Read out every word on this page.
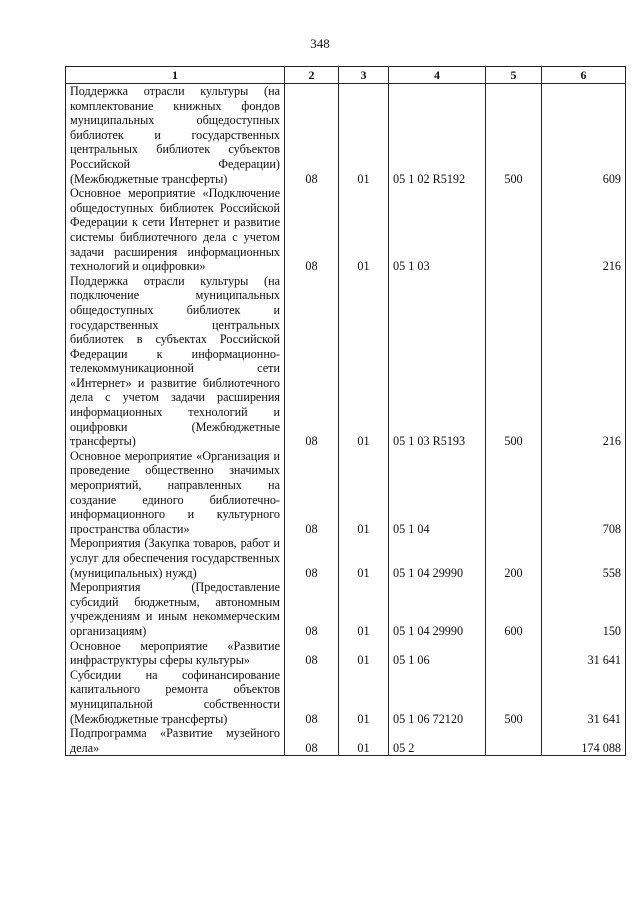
348
1	2	3	4	5	6
Поддержка отрасли культуры (на комплектование книжных фондов муниципальных общедоступных библиотек и государственных центральных библиотек субъектов Российской Федерации) (Межбюджетные трансферты)	08	01	05 1 02 R5192	500	609
Основное мероприятие «Подключение общедоступных библиотек Российской Федерации к сети Интернет и развитие системы библиотечного дела с учетом задачи расширения информационных технологий и оцифровки»	08	01	05 1 03		216
Поддержка отрасли культуры (на подключение муниципальных общедоступных библиотек и государственных центральных библиотек в субъектах Российской Федерации к информационно-телекоммуникационной сети «Интернет» и развитие библиотечного дела с учетом задачи расширения информационных технологий и оцифровки (Межбюджетные трансферты)	08	01	05 1 03 R5193	500	216
Основное мероприятие «Организация и проведение общественно значимых мероприятий, направленных на создание единого библиотечно-информационного и культурного пространства области»	08	01	05 1 04		708
Мероприятия (Закупка товаров, работ и услуг для обеспечения государственных (муниципальных) нужд)	08	01	05 1 04 29990	200	558
Мероприятия (Предоставление субсидий бюджетным, автономным учреждениям и иным некоммерческим организациям)	08	01	05 1 04 29990	600	150
Основное мероприятие «Развитие инфраструктуры сферы культуры»	08	01	05 1 06		31 641
Субсидии на софинансирование капитального ремонта объектов муниципальной собственности (Межбюджетные трансферты)	08	01	05 1 06 72120	500	31 641
Подпрограмма «Развитие музейного дела»	08	01	05 2		174 088
